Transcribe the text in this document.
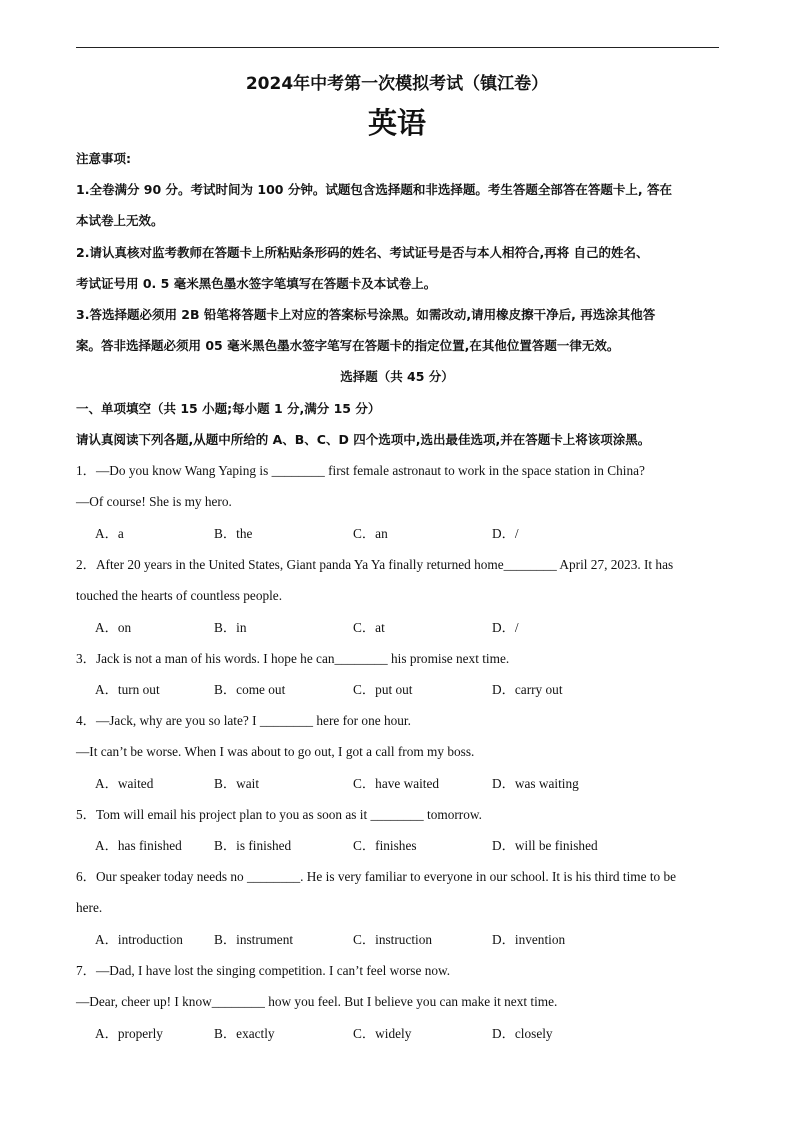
2024年中考第一次模拟考试（镇江卷）
英语
注意事项:
1.全卷满分 90 分。考试时间为 100 分钟。试题包含选择题和非选择题。考生答题全部答在答题卡上, 答在
本试卷上无效。
2.请认真核对监考教师在答题卡上所粘贴条形码的姓名、考试证号是否与本人相符合,再将 自己的姓名、
考试证号用 0. 5 毫米黑色墨水签字笔填写在答题卡及本试卷上。
3.答选择题必须用 2B 铅笔将答题卡上对应的答案标号涂黑。如需改动,请用橡皮擦干净后, 再选涂其他答
案。答非选择题必须用 05 毫米黑色墨水签字笔写在答题卡的指定位置,在其他位置答题一律无效。
选择题（共 45 分）
一、单项填空（共 15 小题;每小题 1 分,满分 15 分）
请认真阅读下列各题,从题中所给的 A、B、C、D 四个选项中,选出最佳选项,并在答题卡上将该项涂黑。
1．—Do you know Wang Yaping is ________ first female astronaut to work in the space station in China?
—Of course! She is my hero.
A．a	B．the	C．an	D．/
2．After 20 years in the United States, Giant panda Ya Ya finally returned home________ April 27, 2023. It has
touched the hearts of countless people.
A．on	B．in	C．at	D．/
3．Jack is not a man of his words. I hope he can________ his promise next time.
A．turn out	B．come out	C．put out	D．carry out
4．—Jack, why are you so late? I ________ here for one hour.
—It can’t be worse. When I was about to go out, I got a call from my boss.
A．waited	B．wait	C．have waited	D．was waiting
5．Tom will email his project plan to you as soon as it ________ tomorrow.
A．has finished B．is finished	C．finishes	D．will be finished
6．Our speaker today needs no ________. He is very familiar to everyone in our school. It is his third time to be
here.
A．introduction B．instrument	C．instruction	D．invention
7．—Dad, I have lost the singing competition. I can’t feel worse now.
—Dear, cheer up! I know________ how you feel. But I believe you can make it next time.
A．properly	B．exactly	C．widely	D．closely
